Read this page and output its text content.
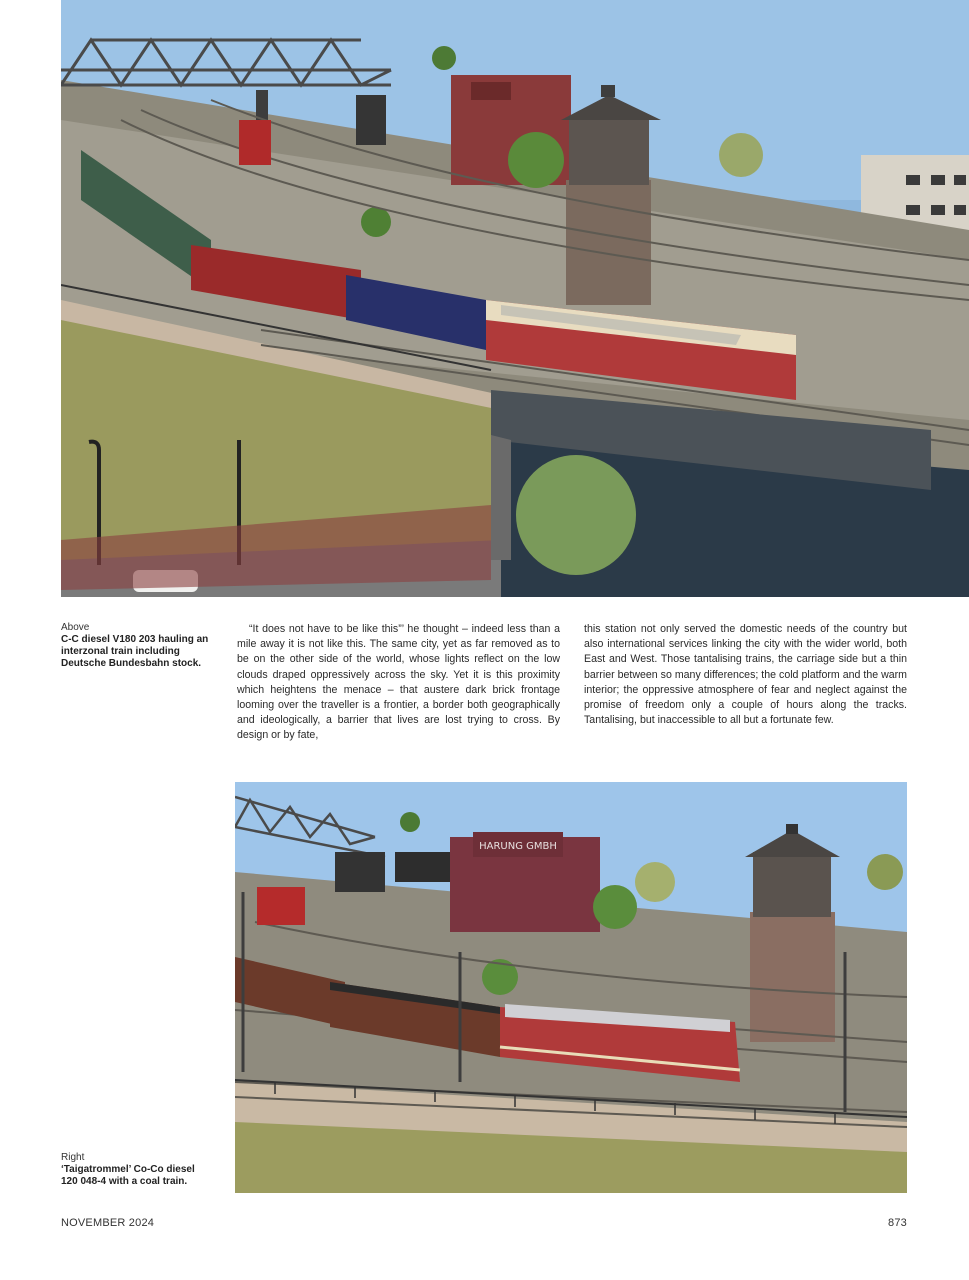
Above
C-C diesel V180 203 hauling an interzonal train including Deutsche Bundesbahn stock.

“It does not have to be like this”’ he thought – indeed less than a mile away it is not like this. The same city, yet as far removed as to be on the other side of the world, whose lights reflect on the low clouds draped oppressively across the sky. Yet it is this proximity which heightens the menace – that austere dark brick frontage looming over the traveller is a frontier, a border both geographically and ideologically, a barrier that lives are lost trying to cross. By design or by fate,

this station not only served the domestic needs of the country but also international services linking the city with the wider world, both East and West. Those tantalising trains, the carriage side but a thin barrier between so many differences; the cold platform and the warm interior; the oppressive atmosphere of fear and neglect against the promise of freedom only a couple of hours along the tracks. Tantalising, but inaccessible to all but a fortunate few.

HARUNG GMBH
Right
‘Taigatrommel’ Co-Co diesel 120 048-4 with a coal train.
NOVEMBER 2024	873
